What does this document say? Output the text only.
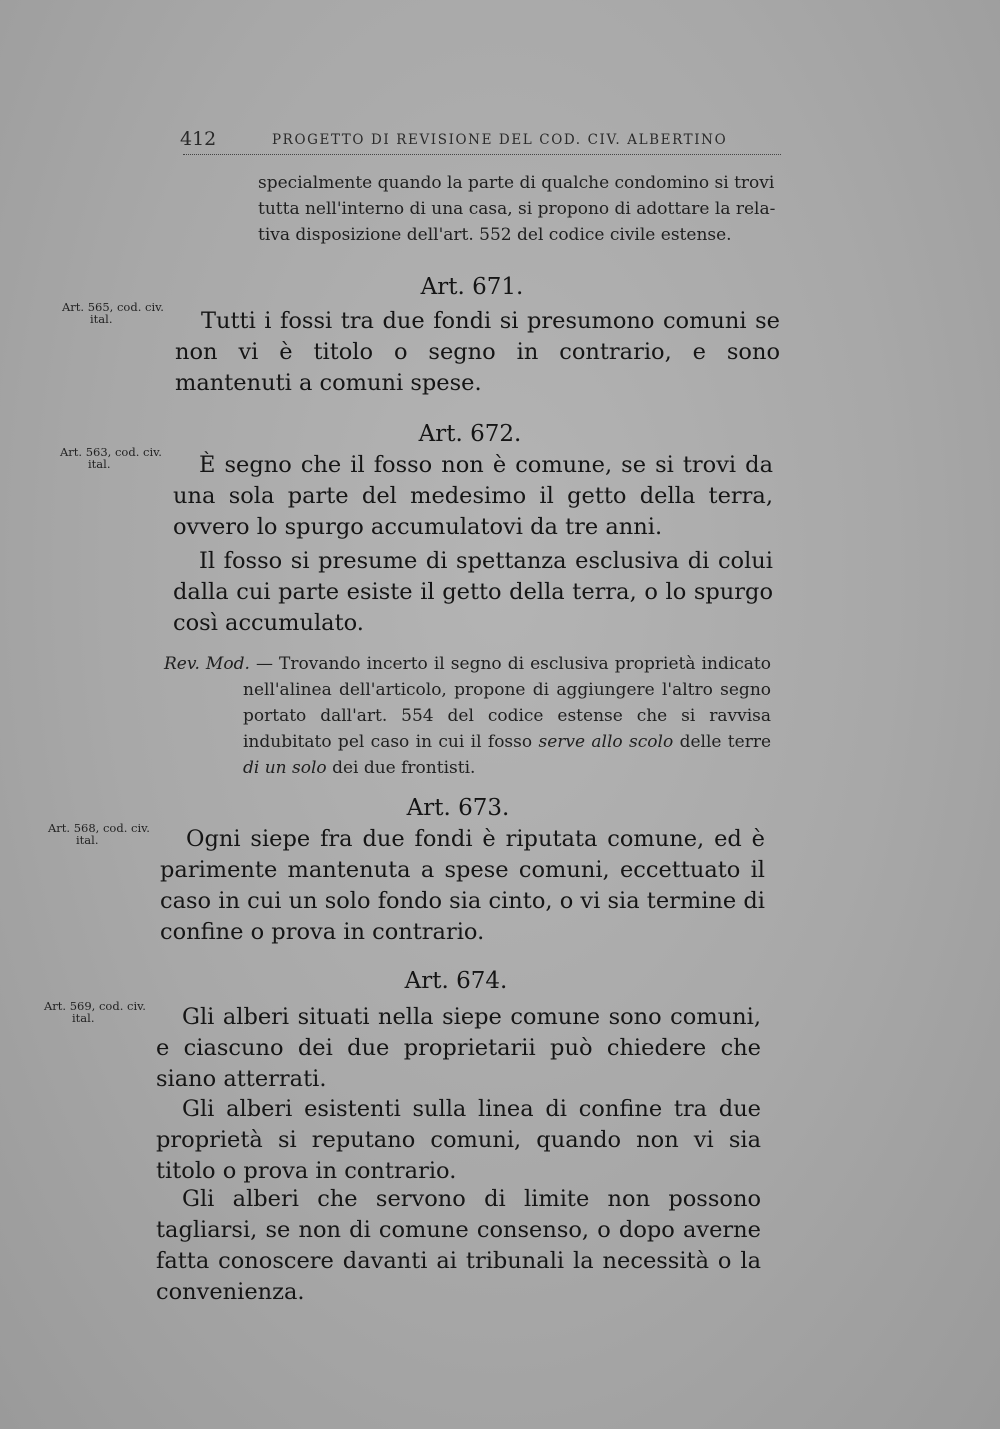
412	PROGETTO DI REVISIONE DEL COD. CIV. ALBERTINO
specialmente quando la parte di qualche condomino si trovi
tutta nell'interno di una casa, si propono di adottare la rela-
tiva disposizione dell'art. 552 del codice civile estense.
Art. 671.
Art. 565, cod. civ.
ital.	Tutti i fossi tra due fondi si presumono comuni se non vi è titolo o segno in contrario, e sono mantenuti a comuni spese.

Art. 672.
Art. 563, cod. civ.
ital.	È segno che il fosso non è comune, se si trovi da una sola parte del medesimo il getto della terra, ovvero lo spurgo accumulatovi da tre anni.

Il fosso si presume di spettanza esclusiva di colui dalla cui parte esiste il getto della terra, o lo spurgo così accumulato.

Rev. Mod. — Trovando incerto il segno di esclusiva proprietà indicato nell'alinea dell'articolo, propone di aggiungere l'altro segno portato dall'art. 554 del codice estense che si ravvisa indubitato pel caso in cui il fosso serve allo scolo delle terre di un solo dei due frontisti.

Art. 673.
Art. 568, cod. civ.
ital.	Ogni siepe fra due fondi è riputata comune, ed è parimente mantenuta a spese comuni, eccettuato il caso in cui un solo fondo sia cinto, o vi sia termine di confine o prova in contrario.

Art. 674.
Art. 569, cod. civ.
ital.	Gli alberi situati nella siepe comune sono comuni, e ciascuno dei due proprietarii può chiedere che siano atterrati.

Gli alberi esistenti sulla linea di confine tra due proprietà si reputano comuni, quando non vi sia titolo o prova in contrario.

Gli alberi che servono di limite non possono tagliarsi, se non di comune consenso, o dopo averne fatta conoscere davanti ai tribunali la necessità o la convenienza.
